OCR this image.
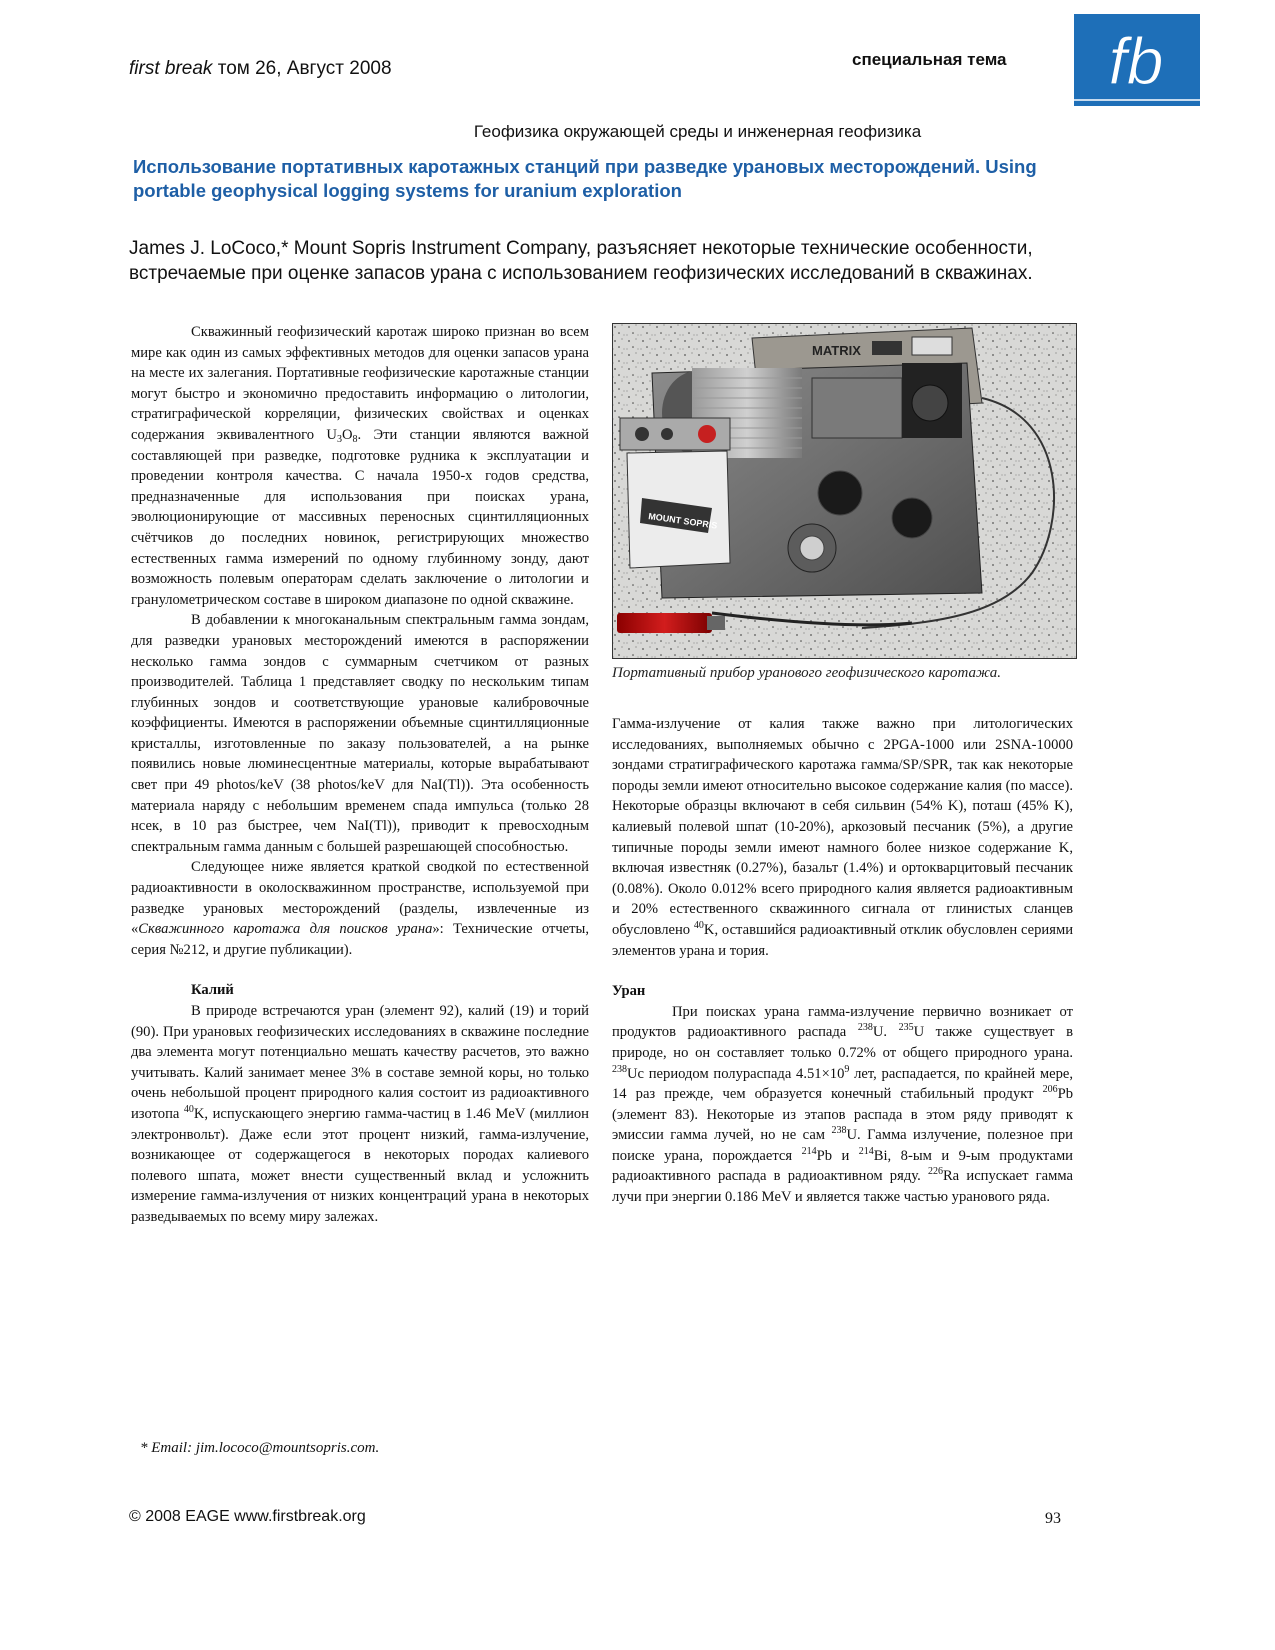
first break том 26, Август 2008	специальная тема fb
Геофизика окружающей среды и инженерная геофизика
Использование портативных каротажных станций при разведке урановых месторождений. Using portable geophysical logging systems for uranium exploration
James J. LoCoco,* Mount Sopris Instrument Company, разъясняет некоторые технические особенности, встречаемые при оценке запасов урана с использованием геофизических исследований в скважинах.

Скважинный геофизический каротаж широко признан во всем мире как один из самых эффективных методов для оценки запасов урана на месте их залегания. Портативные геофизические каротажные станции могут быстро и экономично предоставить информацию о литологии, стратиграфической корреляции, физических свойствах и оценках содержания эквивалентного $U_3O_8$. Эти станции являются важной составляющей при разведке, подготовке рудника к эксплуатации и проведении контроля качества. С начала 1950-х годов средства, предназначенные для использования при поисках урана, эволюционирующие от массивных переносных сцинтилляционных счётчиков до последних новинок, регистрирующих множество естественных гамма измерений по одному глубинному зонду, дают возможность полевым операторам сделать заключение о литологии и гранулометрическом составе в широком диапазоне по одной скважине.

В добавлении к многоканальным спектральным гамма зондам, для разведки урановых месторождений имеются в распоряжении несколько гамма зондов с суммарным счетчиком от разных производителей. Таблица 1 представляет сводку по нескольким типам глубинных зондов и соответствующие урановые калибровочные коэффициенты. Имеются в распоряжении объемные сцинтилляционные кристаллы, изготовленные по заказу пользователей, а на рынке появились новые люминесцентные материалы, которые вырабатывают свет при 49 photos/keV (38 photos/keV для NaI(Tl)). Эта особенность материала наряду с небольшим временем спада импульса (только 28 нсек, в 10 раз быстрее, чем NaI(Tl)), приводит к превосходным спектральным гамма данным с большей разрешающей способностью.

Следующее ниже является краткой сводкой по естественной радиоактивности в околоскважинном пространстве, используемой при разведке урановых месторождений (разделы, извлеченные из «Скважинного каротажа для поисков урана»: Технические отчеты, серия №212, и другие публикации).

Калий

В природе встречаются уран (элемент 92), калий (19) и торий (90). При урановых геофизических исследованиях в скважине последние два элемента могут потенциально мешать качеству расчетов, это важно учитывать. Калий занимает менее 3% в составе земной коры, но только очень небольшой процент природного калия состоит из радиоактивного изотопа $^{40}$K, испускающего энергию гамма-частиц в 1.46 MeV (миллион электронвольт). Даже если этот процент низкий, гамма-излучение, возникающее от содержащегося в некоторых породах калиевого полевого шпата, может внести существенный вклад и усложнить измерение гамма-излучения от низких концентраций урана в некоторых разведываемых по всему миру залежах.

MATRIX
MOUNT SOPRIS
Портативный прибор уранового геофизического каротажа.

Гамма-излучение от калия также важно при литологических исследованиях, выполняемых обычно с 2PGA-1000 или 2SNA-10000 зондами стратиграфического каротажа гамма/SP/SPR, так как некоторые породы земли имеют относительно высокое содержание калия (по массе). Некоторые образцы включают в себя сильвин (54% K), поташ (45% K), калиевый полевой шпат (10-20%), аркозовый песчаник (5%), а другие типичные породы земли имеют намного более низкое содержание K, включая известняк (0.27%), базальт (1.4%) и ортокварцитовый песчаник (0.08%). Около 0.012% всего природного калия является радиоактивным и 20% естественного скважинного сигнала от глинистых сланцев обусловлено $^{40}$K, оставшийся радиоактивный отклик обусловлен сериями элементов урана и тория.

Уран

При поисках урана гамма-излучение первично возникает от продуктов радиоактивного распада $^{238}$U. $^{235}$U также существует в природе, но он составляет только 0.72% от общего природного урана. $^{238}$Uc периодом полураспада $4.51\times 10^9$ лет, распадается, по крайней мере, 14 раз прежде, чем образуется конечный стабильный продукт $^{206}$Pb (элемент 83). Некоторые из этапов распада в этом ряду приводят к эмиссии гамма лучей, но не сам $^{238}$U. Гамма излучение, полезное при поиске урана, порождается $^{214}$Pb и $^{214}$Bi, 8-ым и 9-ым продуктами радиоактивного распада в радиоактивном ряду. $^{226}$Ra испускает гамма лучи при энергии 0.186 MeV и является также частью уранового ряда.

* Email: jim.lococo@mountsopris.com.
© 2008 EAGE www.firstbreak.org	93
